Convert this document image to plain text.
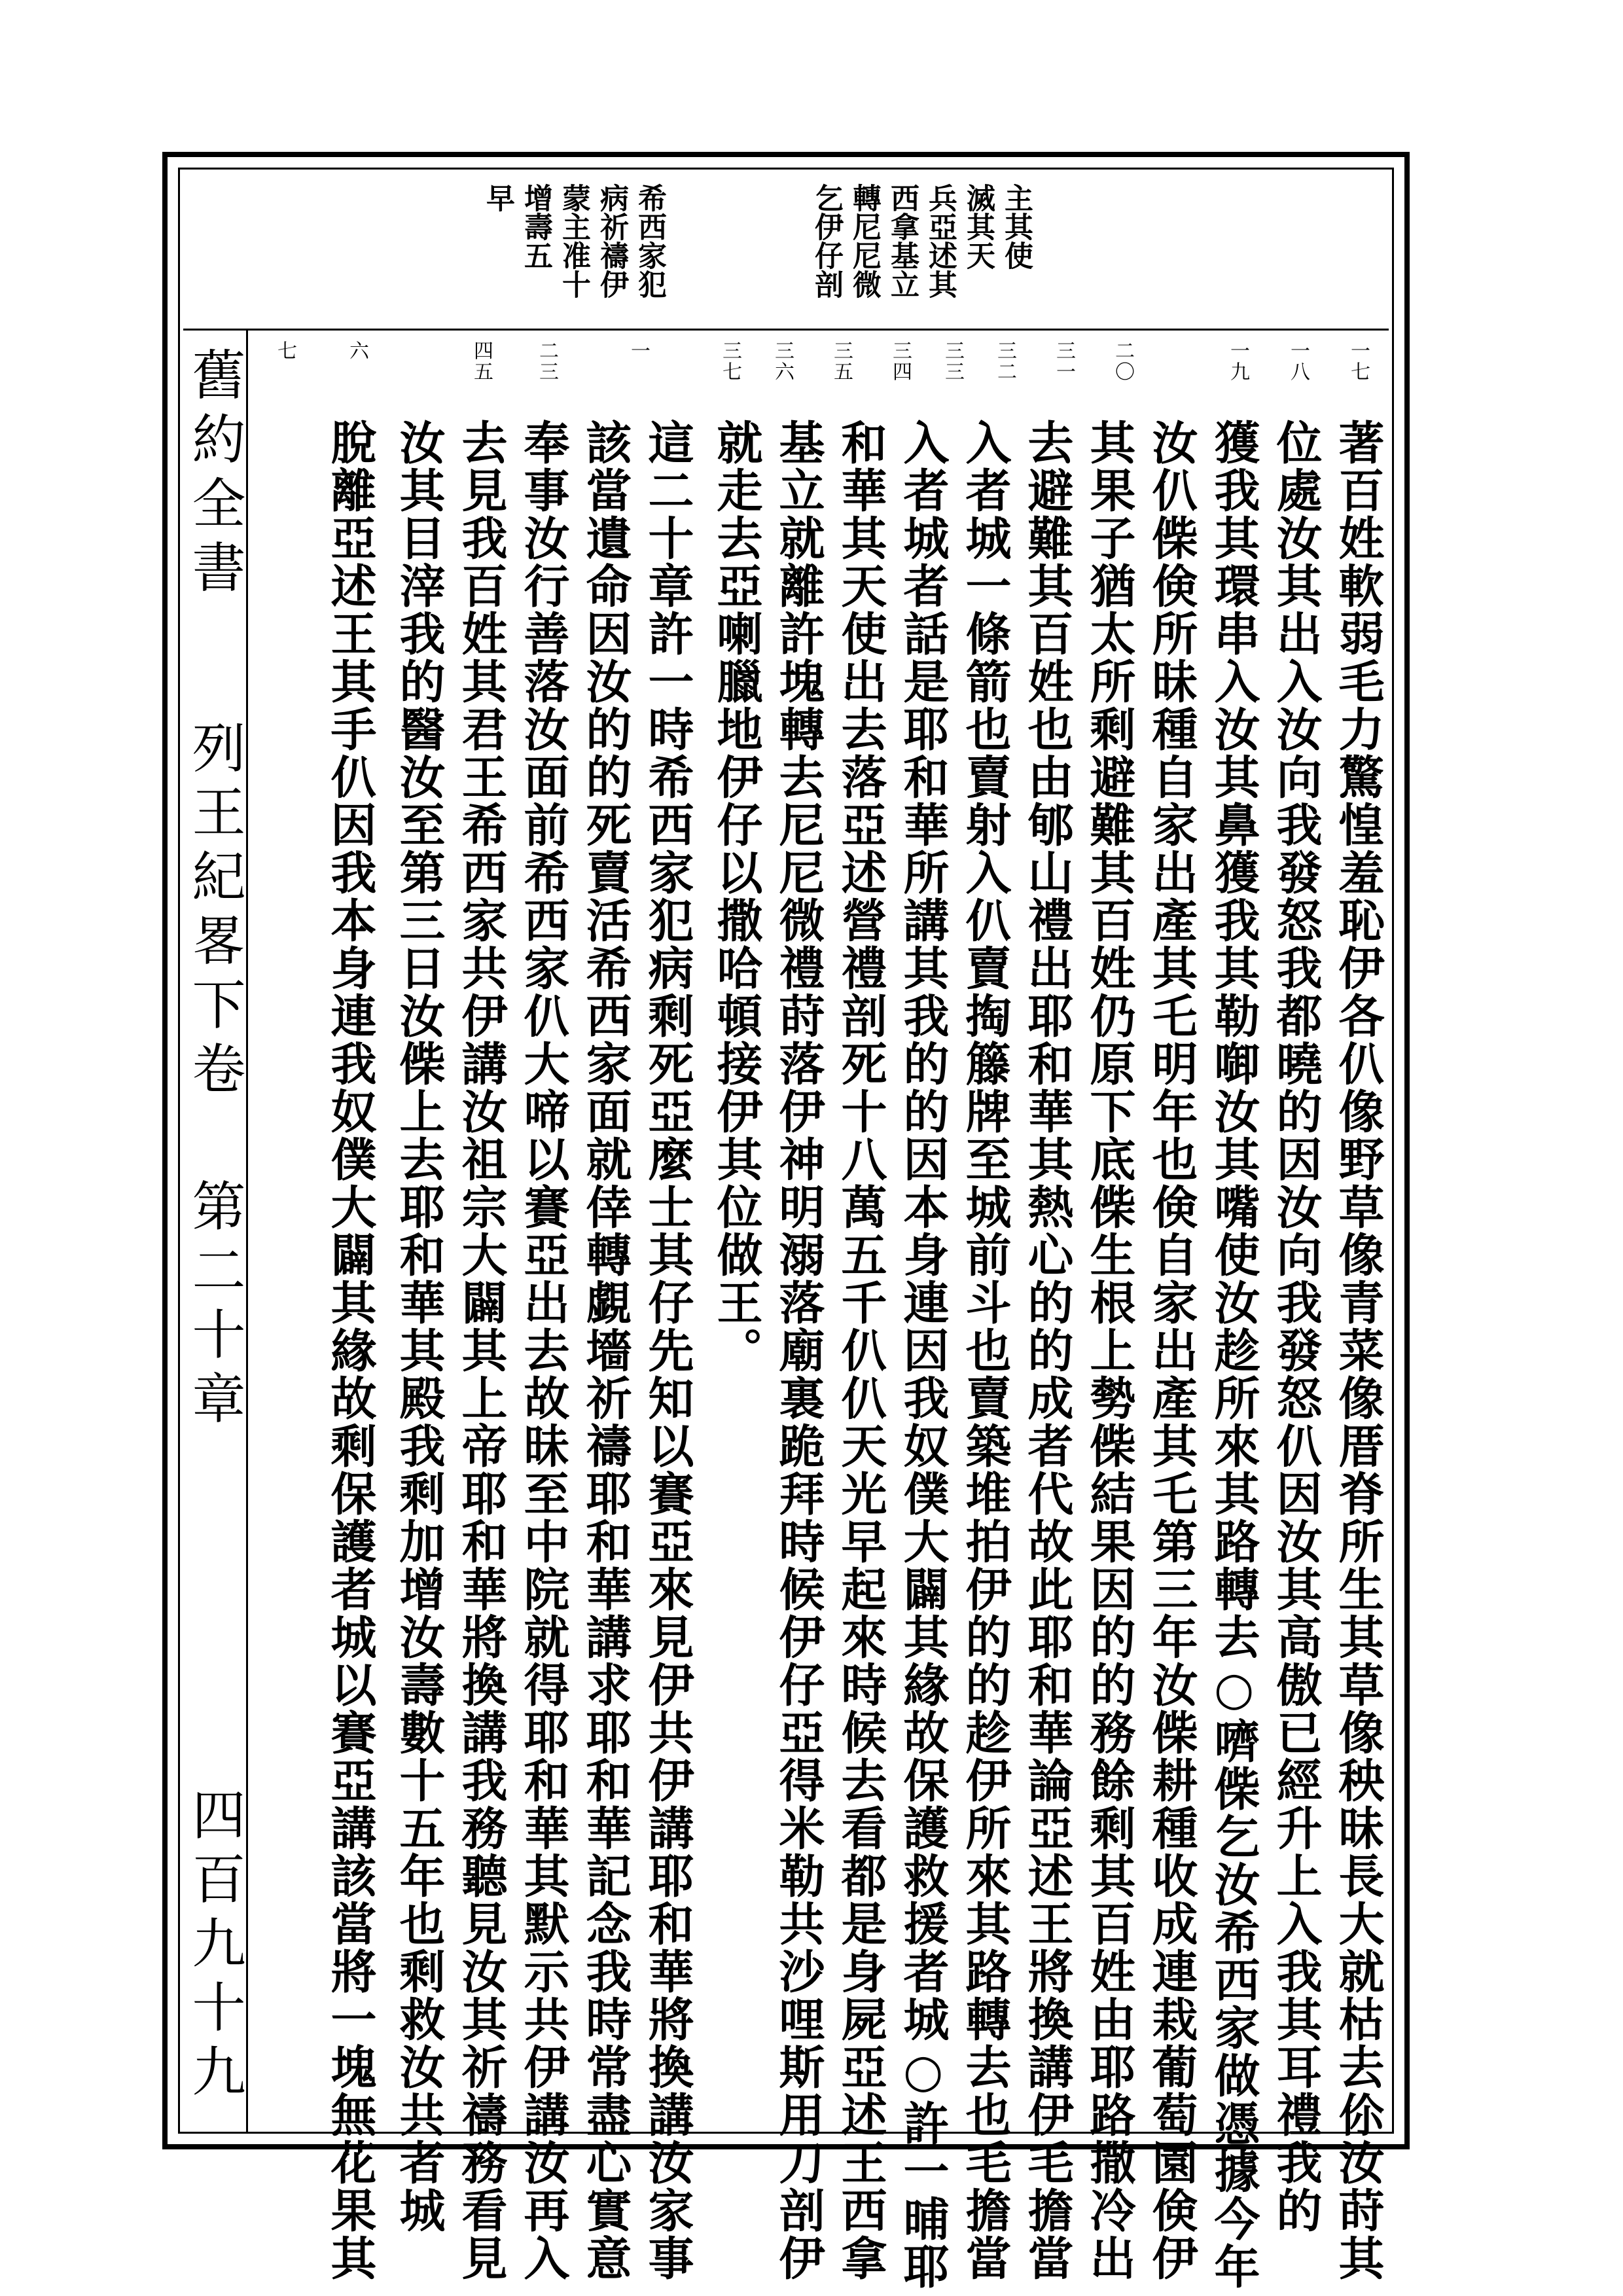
主其使
滅其天
兵亞述其
西拿基立
轉尼尼微
乞伊仔剖
希西家犯
病祈禱伊
蒙主准十
增壽五
早
一七
一八
一九
二〇
三一
三二
三三
三四
三五
三六
三七
一
二三
四五
六
七
著百姓軟弱毛力驚惶羞恥伊各仈像野草像青菜像厝脊所生其草像秧昧長大就枯去伱汝莳其
位處汝其出入汝向我發怒我都曉的因汝向我發怒仈因汝其高傲已經升上入我其耳禮我的
獲我其環串入汝其鼻獲我其勒啣汝其嘴使汝趁所來其路轉去○嚌偨乞汝希西家做憑據今年
汝仈偨倹所昧種自家出產其乇明年也倹自家出產其乇第三年汝偨耕種收成連栽葡萄園倹伊
其果子猶太所剩避難其百姓仍原下底偨生根上勢偨結果因的的務餘剩其百姓由耶路撒冷出
去避難其百姓也由郇山禮出耶和華其熱心的的成者代故此耶和華論亞述王將換講伊毛擔當
入者城一條箭也賣射入仈賣掏籐牌至城前斗也賣築堆拍伊的的趁伊所來其路轉去也毛擔當
入者城者話是耶和華所講其我的的因本身連因我奴僕大闢其緣故保護救援者城○許一晡耶
和華其天使出去落亞述營禮剖死十八萬五千仈仈天光早起來時候去看都是身屍亞述王西拿
基立就離許塊轉去尼尼微禮莳落伊神明溺落廟裏跪拜時候伊仔亞得米勒共沙哩斯用刀剖伊
就走去亞喇臘地伊仔以撒哈頓接伊其位做王。
這二十章許一時希西家犯病剩死亞麼士其仔先知以賽亞來見伊共伊講耶和華將換講汝家事
該當遺命因汝的的死賣活希西家面就倖轉覷墻祈禱耶和華講求耶和華記念我時常盡心實意
奉事汝行善落汝面前希西家仈大啼以賽亞出去故昧至中院就得耶和華其默示共伊講汝再入
去見我百姓其君王希西家共伊講汝祖宗大闢其上帝耶和華將換講我務聽見汝其祈禱務看見
汝其目滓我的醫汝至第三日汝偨上去耶和華其殿我剩加增汝壽數十五年也剩救汝共者城
脫離亞述王其手仈因我本身連我奴僕大闢其緣故剩保護者城以賽亞講該當將一塊無花果其
舊約全書
列王紀畧下卷
第二十章
四百九十九
